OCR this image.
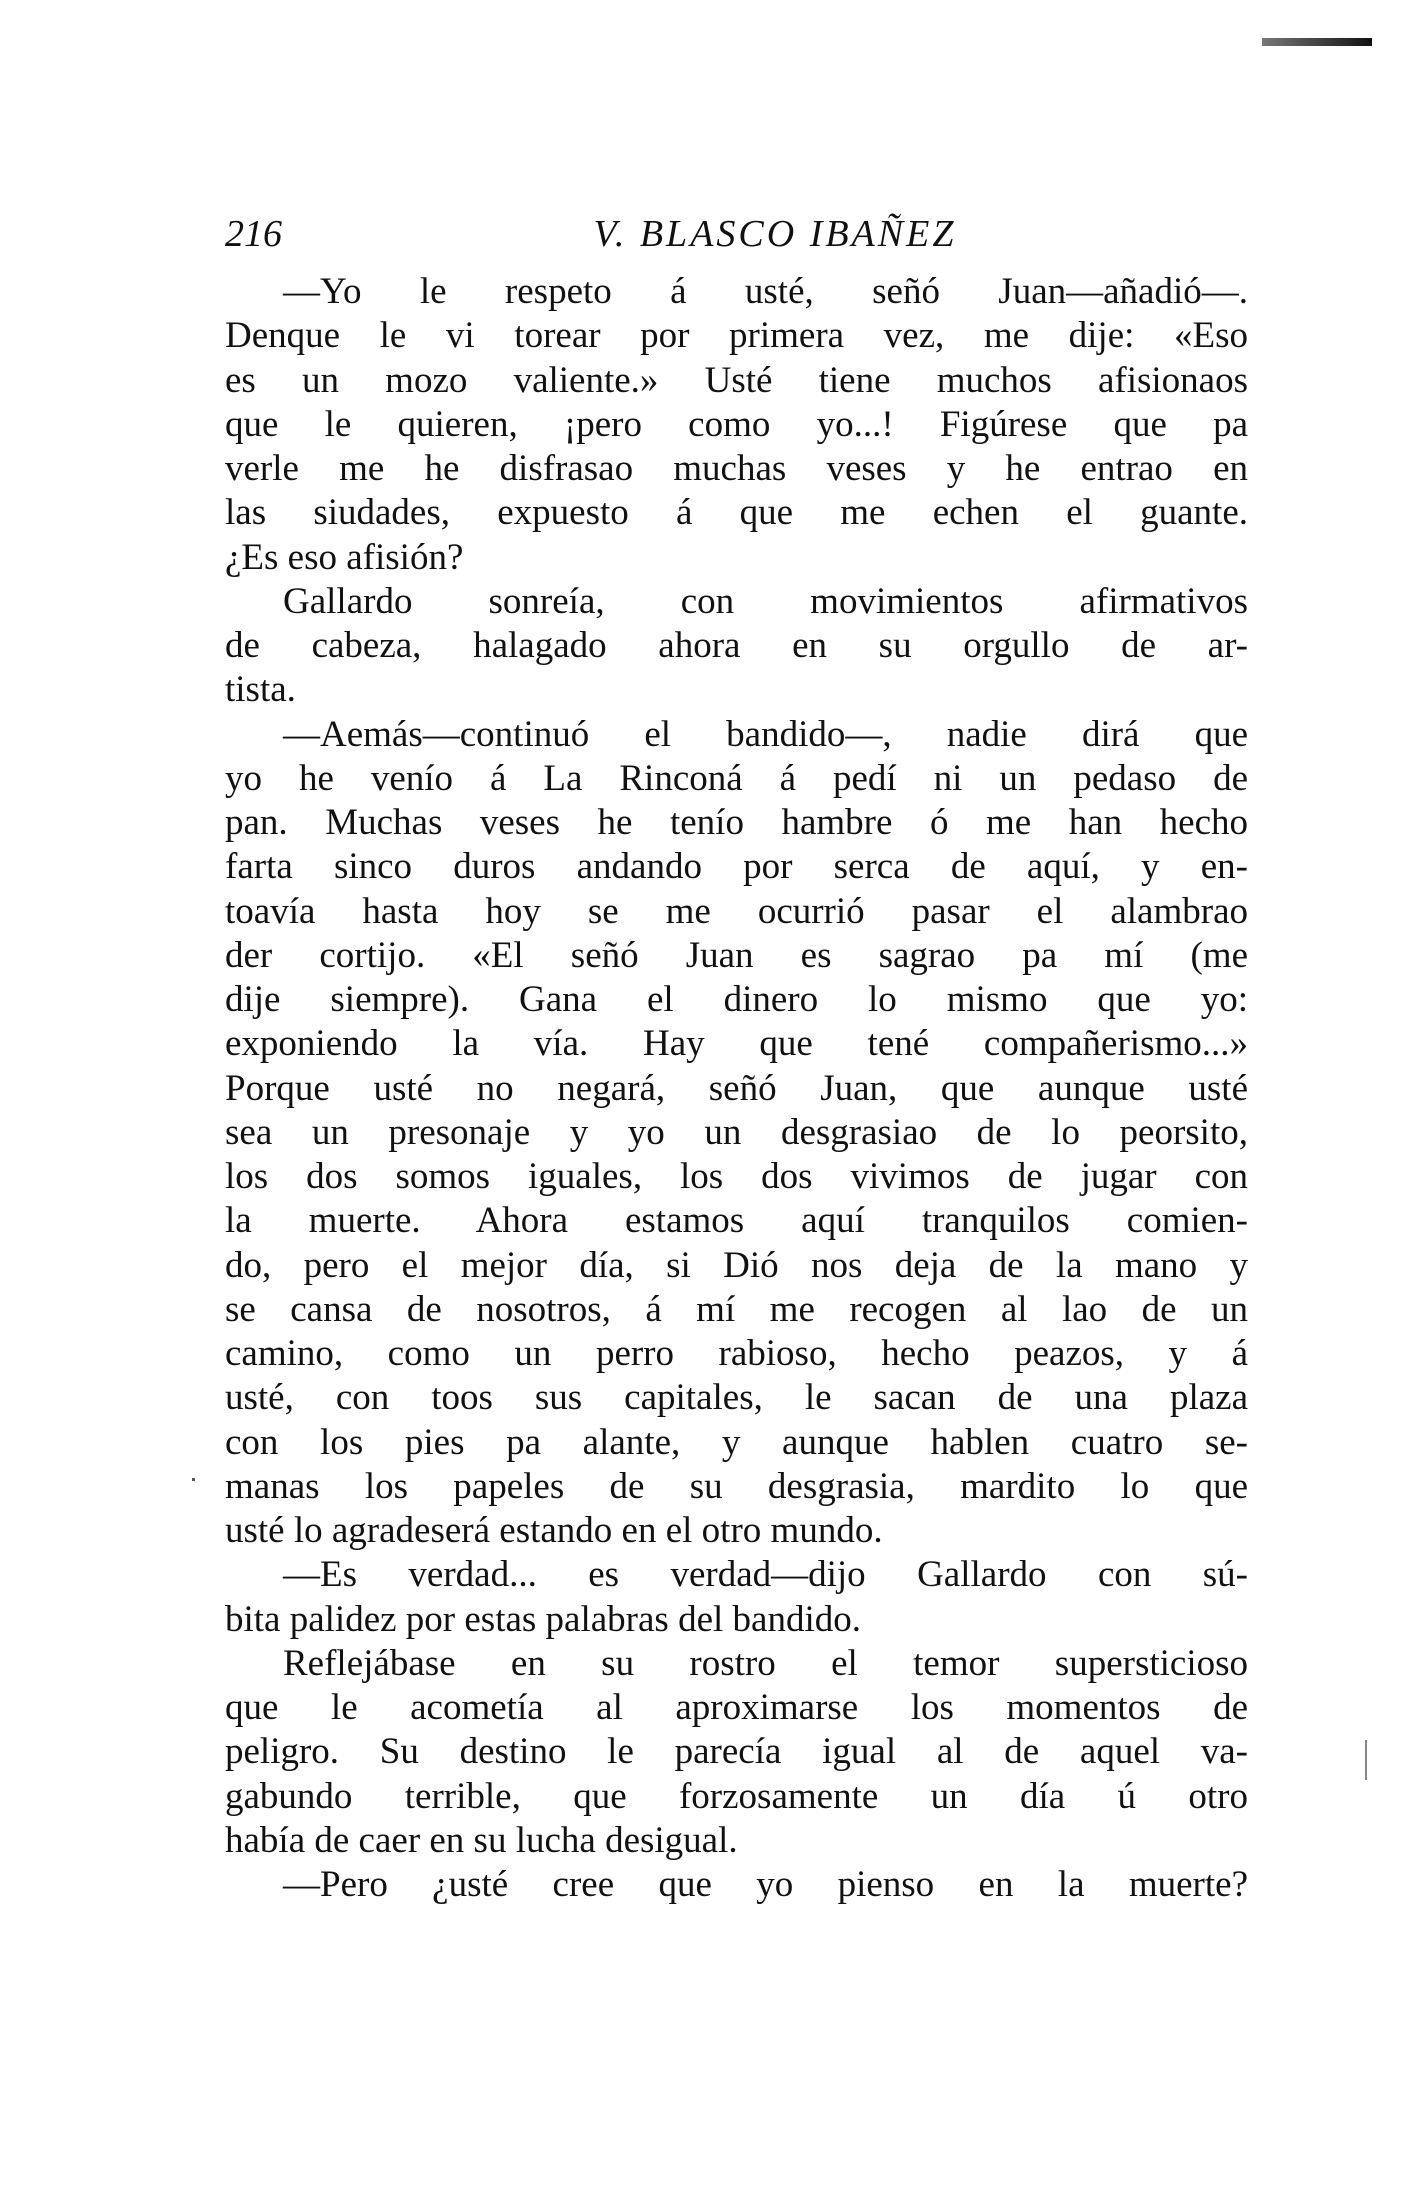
216	V. BLASCO IBAÑEZ
—Yo le respeto á usté, señó Juan—añadió—.
Denque le vi torear por primera vez, me dije: «Eso
es un mozo valiente.» Usté tiene muchos afisionaos
que le quieren, ¡pero como yo...! Figúrese que pa
verle me he disfrasao muchas veses y he entrao en
las siudades, expuesto á que me echen el guante.
¿Es eso afisión?
Gallardo sonreía, con movimientos afirmativos
de cabeza, halagado ahora en su orgullo de ar-
tista.
—Aemás—continuó el bandido—, nadie dirá que
yo he venío á La Rinconá á pedí ni un pedaso de
pan. Muchas veses he tenío hambre ó me han hecho
farta sinco duros andando por serca de aquí, y en-
toavía hasta hoy se me ocurrió pasar el alambrao
der cortijo. «El señó Juan es sagrao pa mí (me
dije siempre). Gana el dinero lo mismo que yo:
exponiendo la vía. Hay que tené compañerismo...»
Porque usté no negará, señó Juan, que aunque usté
sea un presonaje y yo un desgrasiao de lo peorsito,
los dos somos iguales, los dos vivimos de jugar con
la muerte. Ahora estamos aquí tranquilos comien-
do, pero el mejor día, si Dió nos deja de la mano y
se cansa de nosotros, á mí me recogen al lao de un
camino, como un perro rabioso, hecho peazos, y á
usté, con toos sus capitales, le sacan de una plaza
con los pies pa alante, y aunque hablen cuatro se-
manas los papeles de su desgrasia, mardito lo que
usté lo agradeserá estando en el otro mundo.
—Es verdad... es verdad—dijo Gallardo con sú-
bita palidez por estas palabras del bandido.
Reflejábase en su rostro el temor supersticioso
que le acometía al aproximarse los momentos de
peligro. Su destino le parecía igual al de aquel va-
gabundo terrible, que forzosamente un día ú otro
había de caer en su lucha desigual.
—Pero ¿usté cree que yo pienso en la muerte?
